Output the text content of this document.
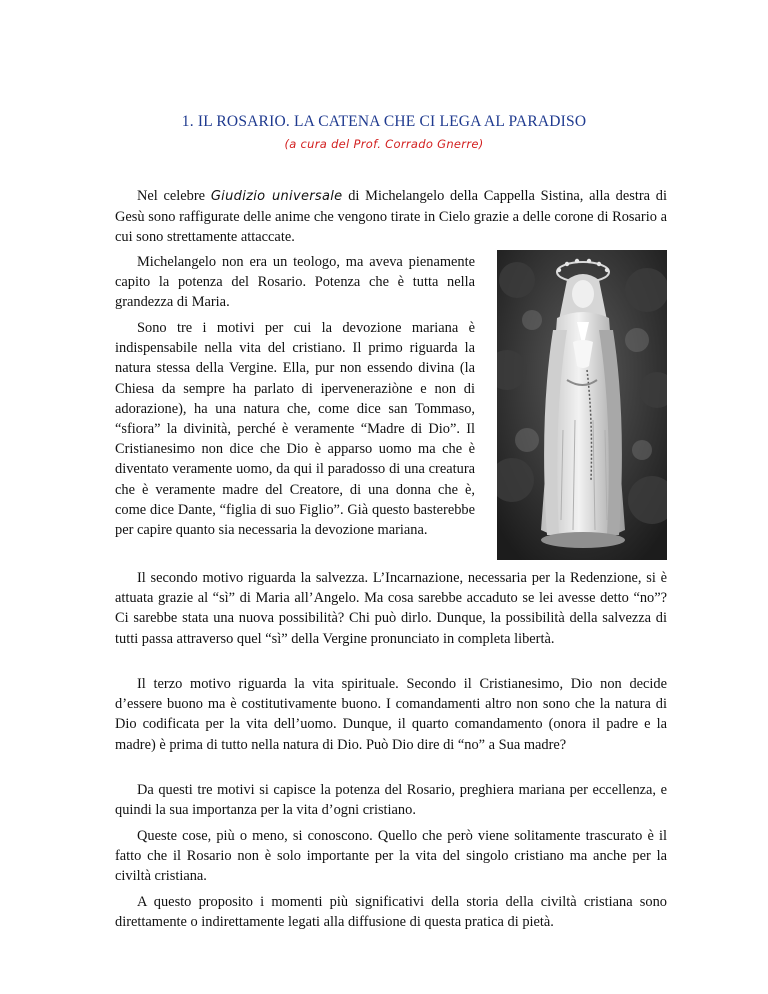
1. IL ROSARIO. LA CATENA CHE CI LEGA AL PARADISO
(a cura del Prof. Corrado Gnerre)

Nel celebre Giudizio universale di Michelangelo della Cappella Sistina, alla destra di Gesù sono raffigurate delle anime che vengono tirate in Cielo grazie a delle corone di Rosario a cui sono strettamente attaccate.

Michelangelo non era un teologo, ma aveva pienamente capito la potenza del Rosario. Potenza che è tutta nella grandezza di Maria.

Sono tre i motivi per cui la devozione mariana è indispensabile nella vita del cristiano. Il primo riguarda la natura stessa della Vergine. Ella, pur non essendo divina (la Chiesa da sempre ha parlato di iperveneraziòne e non di adorazione), ha una natura che, come dice san Tommaso, “sfiora” la divinità, perché è veramente “Madre di Dio”. Il Cristianesimo non dice che Dio è apparso uomo ma che è diventato veramente uomo, da qui il paradosso di una creatura che è veramente madre del Creatore, di una donna che è, come dice Dante, “figlia di suo Figlio”. Già questo basterebbe per capire quanto sia necessaria la devozione mariana.

Il secondo motivo riguarda la salvezza. L’Incarnazione, necessaria per la Redenzione, si è attuata grazie al “sì” di Maria all’Angelo. Ma cosa sarebbe accaduto se lei avesse detto “no”? Ci sarebbe stata una nuova possibilità? Chi può dirlo. Dunque, la possibilità della salvezza di tutti passa attraverso quel “sì” della Vergine pronunciato in completa libertà.

Il terzo motivo riguarda la vita spirituale. Secondo il Cristianesimo, Dio non decide d’essere buono ma è costitutivamente buono. I comandamenti altro non sono che la natura di Dio codificata per la vita dell’uomo. Dunque, il quarto comandamento (onora il padre e la madre) è prima di tutto nella natura di Dio. Può Dio dire di “no” a Sua madre?

Da questi tre motivi si capisce la potenza del Rosario, preghiera mariana per eccellenza, e quindi la sua importanza per la vita d’ogni cristiano.

Queste cose, più o meno, si conoscono. Quello che però viene solitamente trascurato è il fatto che il Rosario non è solo importante per la vita del singolo cristiano ma anche per la civiltà cristiana.

A questo proposito i momenti più significativi della storia della civiltà cristiana sono direttamente o indirettamente legati alla diffusione di questa pratica di pietà.
